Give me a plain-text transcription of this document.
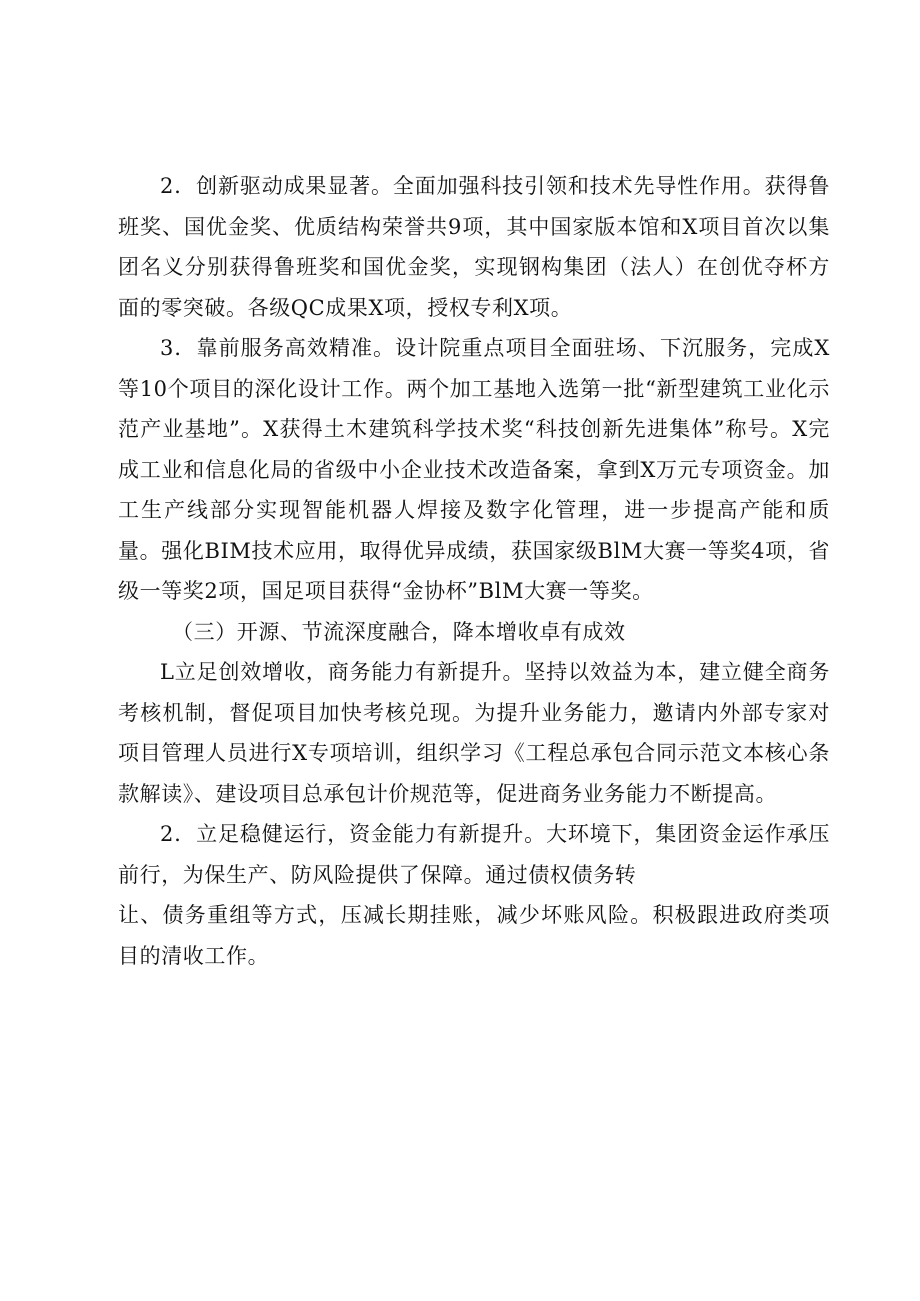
2．创新驱动成果显著。全面加强科技引领和技术先导性作用。获得鲁班奖、国优金奖、优质结构荣誉共9项，其中国家版本馆和X项目首次以集团名义分别获得鲁班奖和国优金奖，实现钢构集团（法人）在创优夺杯方面的零突破。各级QC成果X项，授权专利X项。

3．靠前服务高效精准。设计院重点项目全面驻场、下沉服务，完成X等10个项目的深化设计工作。两个加工基地入选第一批“新型建筑工业化示范产业基地”。X获得土木建筑科学技术奖“科技创新先进集体”称号。X完成工业和信息化局的省级中小企业技术改造备案，拿到X万元专项资金。加工生产线部分实现智能机器人焊接及数字化管理，进一步提高产能和质量。强化BIM技术应用，取得优异成绩，获国家级BlM大赛一等奖4项，省级一等奖2项，国足项目获得“金协杯”BlM大赛一等奖。

（三）开源、节流深度融合，降本增收卓有成效

L立足创效增收，商务能力有新提升。坚持以效益为本，建立健全商务考核机制，督促项目加快考核兑现。为提升业务能力，邀请内外部专家对项目管理人员进行X专项培训，组织学习《工程总承包合同示范文本核心条款解读》、建设项目总承包计价规范等，促进商务业务能力不断提高。

2．立足稳健运行，资金能力有新提升。大环境下，集团资金运作承压前行，为保生产、防风险提供了保障。通过债权债务转

让、债务重组等方式，压减长期挂账，减少坏账风险。积极跟进政府类项目的清收工作。
